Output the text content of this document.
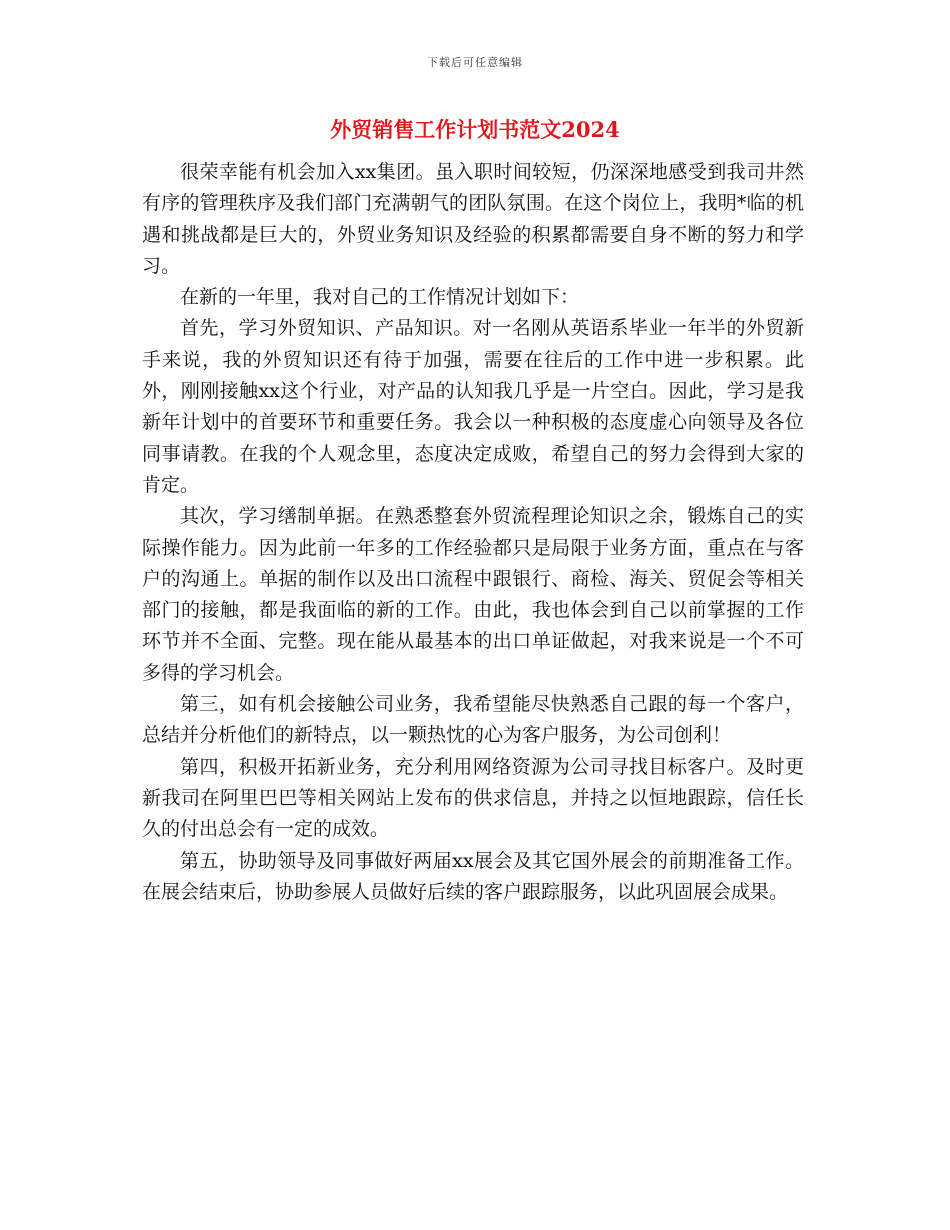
下载后可任意编辑
外贸销售工作计划书范文2024

很荣幸能有机会加入xx集团。虽入职时间较短，仍深深地感受到我司井然有序的管理秩序及我们部门充满朝气的团队氛围。在这个岗位上，我明*临的机遇和挑战都是巨大的，外贸业务知识及经验的积累都需要自身不断的努力和学习。

在新的一年里，我对自己的工作情况计划如下：

首先，学习外贸知识、产品知识。对一名刚从英语系毕业一年半的外贸新手来说，我的外贸知识还有待于加强，需要在往后的工作中进一步积累。此外，刚刚接触xx这个行业，对产品的认知我几乎是一片空白。因此，学习是我新年计划中的首要环节和重要任务。我会以一种积极的态度虚心向领导及各位同事请教。在我的个人观念里，态度决定成败，希望自己的努力会得到大家的肯定。

其次，学习缮制单据。在熟悉整套外贸流程理论知识之余，锻炼自己的实际操作能力。因为此前一年多的工作经验都只是局限于业务方面，重点在与客户的沟通上。单据的制作以及出口流程中跟银行、商检、海关、贸促会等相关部门的接触，都是我面临的新的工作。由此，我也体会到自己以前掌握的工作环节并不全面、完整。现在能从最基本的出口单证做起，对我来说是一个不可多得的学习机会。

第三，如有机会接触公司业务，我希望能尽快熟悉自己跟的每一个客户，总结并分析他们的新特点，以一颗热忱的心为客户服务，为公司创利！

第四，积极开拓新业务，充分利用网络资源为公司寻找目标客户。及时更新我司在阿里巴巴等相关网站上发布的供求信息，并持之以恒地跟踪，信任长久的付出总会有一定的成效。

第五，协助领导及同事做好两届xx展会及其它国外展会的前期准备工作。在展会结束后，协助参展人员做好后续的客户跟踪服务，以此巩固展会成果。
